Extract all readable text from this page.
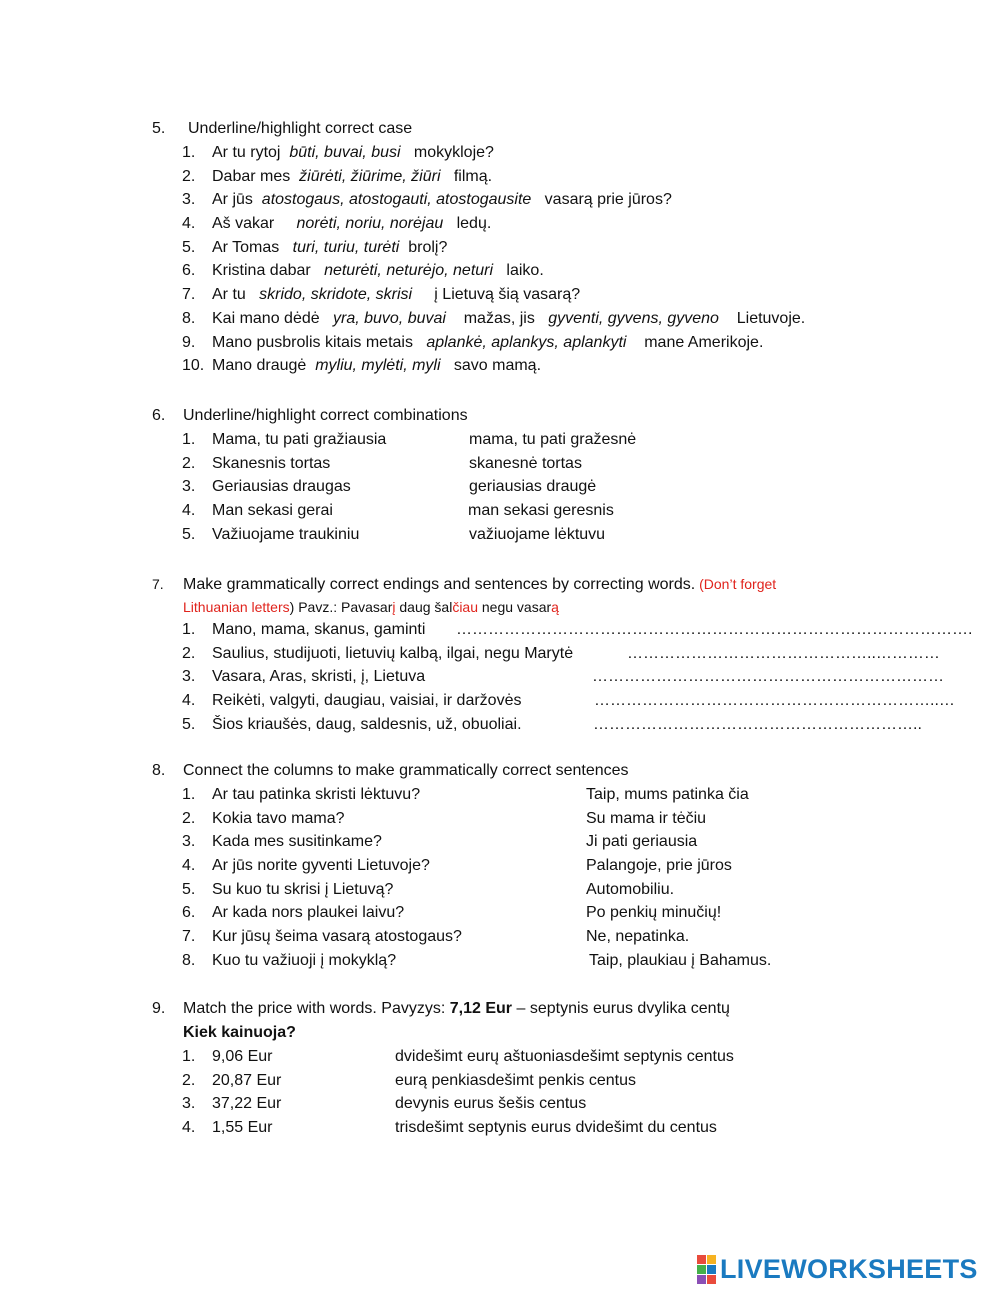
5. Underline/highlight correct case
1. Ar tu rytoj būti, buvai, busi mokykloje?
2. Dabar mes žiūrėti, žiūrime, žiūri filmą.
3. Ar jūs atostogaus, atostogauti, atostogausite vasarą prie jūros?
4. Aš vakar norėti, noriu, norėjau ledų.
5. Ar Tomas turi, turiu, turėti brolį?
6. Kristina dabar neturėti, neturėjo, neturi laiko.
7. Ar tu skrido, skridote, skrisi į Lietuvą šią vasarą?
8. Kai mano dėdė yra, buvo, buvai mažas, jis gyventi, gyvens, gyveno Lietuvoje.
9. Mano pusbrolis kitais metais aplankė, aplankys, aplankyti mane Amerikoje.
10. Mano draugė myliu, mylėti, myli savo mamą.
6. Underline/highlight correct combinations
1. Mama, tu pati gražiausia	mama, tu pati gražesnė
2. Skanesnis tortas	skanesnė tortas
3. Geriausias draugas	geriausias draugė
4. Man sekasi gerai	man sekasi geresnis
5. Važiuojame traukiniu	važiuojame lėktuvu
7. Make grammatically correct endings and sentences by correcting words. (Don’t forget
Lithuanian letters) Pavz.: Pavasarį daug šalčiau negu vasarą
1. Mano, mama, skanus, gaminti …………………………………………………………………………………….
2. Saulius, studijuoti, lietuvių kalbą, ilgai, negu Marytė	………………………………………..…………
3. Vasara, Aras, skristi, į, Lietuva	…………………………………………………………
4. Reikėti, valgyti, daugiau, vaisiai, ir daržovės	………………………………………………………..…
5. Šios kriaušės, daug, saldesnis, už, obuoliai.	……………………………………………………..
8. Connect the columns to make grammatically correct sentences
1. Ar tau patinka skristi lėktuvu?	Taip, mums patinka čia
2. Kokia tavo mama?	Su mama ir tėčiu
3. Kada mes susitinkame?	Ji pati geriausia
4. Ar jūs norite gyventi Lietuvoje?	Palangoje, prie jūros
5. Su kuo tu skrisi į Lietuvą?	Automobiliu.
6. Ar kada nors plaukei laivu?	Po penkių minučių!
7. Kur jūsų šeima vasarą atostogaus?	Ne, nepatinka.
8. Kuo tu važiuoji į mokyklą?	Taip, plaukiau į Bahamus.
9. Match the price with words. Pavyzys: 7,12 Eur – septynis eurus dvylika centų
Kiek kainuoja?
1. 9,06 Eur	dvidešimt eurų aštuoniasdešimt septynis centus
2. 20,87 Eur	eurą penkiasdešimt penkis centus
3. 37,22 Eur	devynis eurus šešis centus
4. 1,55 Eur	trisdešimt septynis eurus dvidešimt du centus
LIVEWORKSHEETS
